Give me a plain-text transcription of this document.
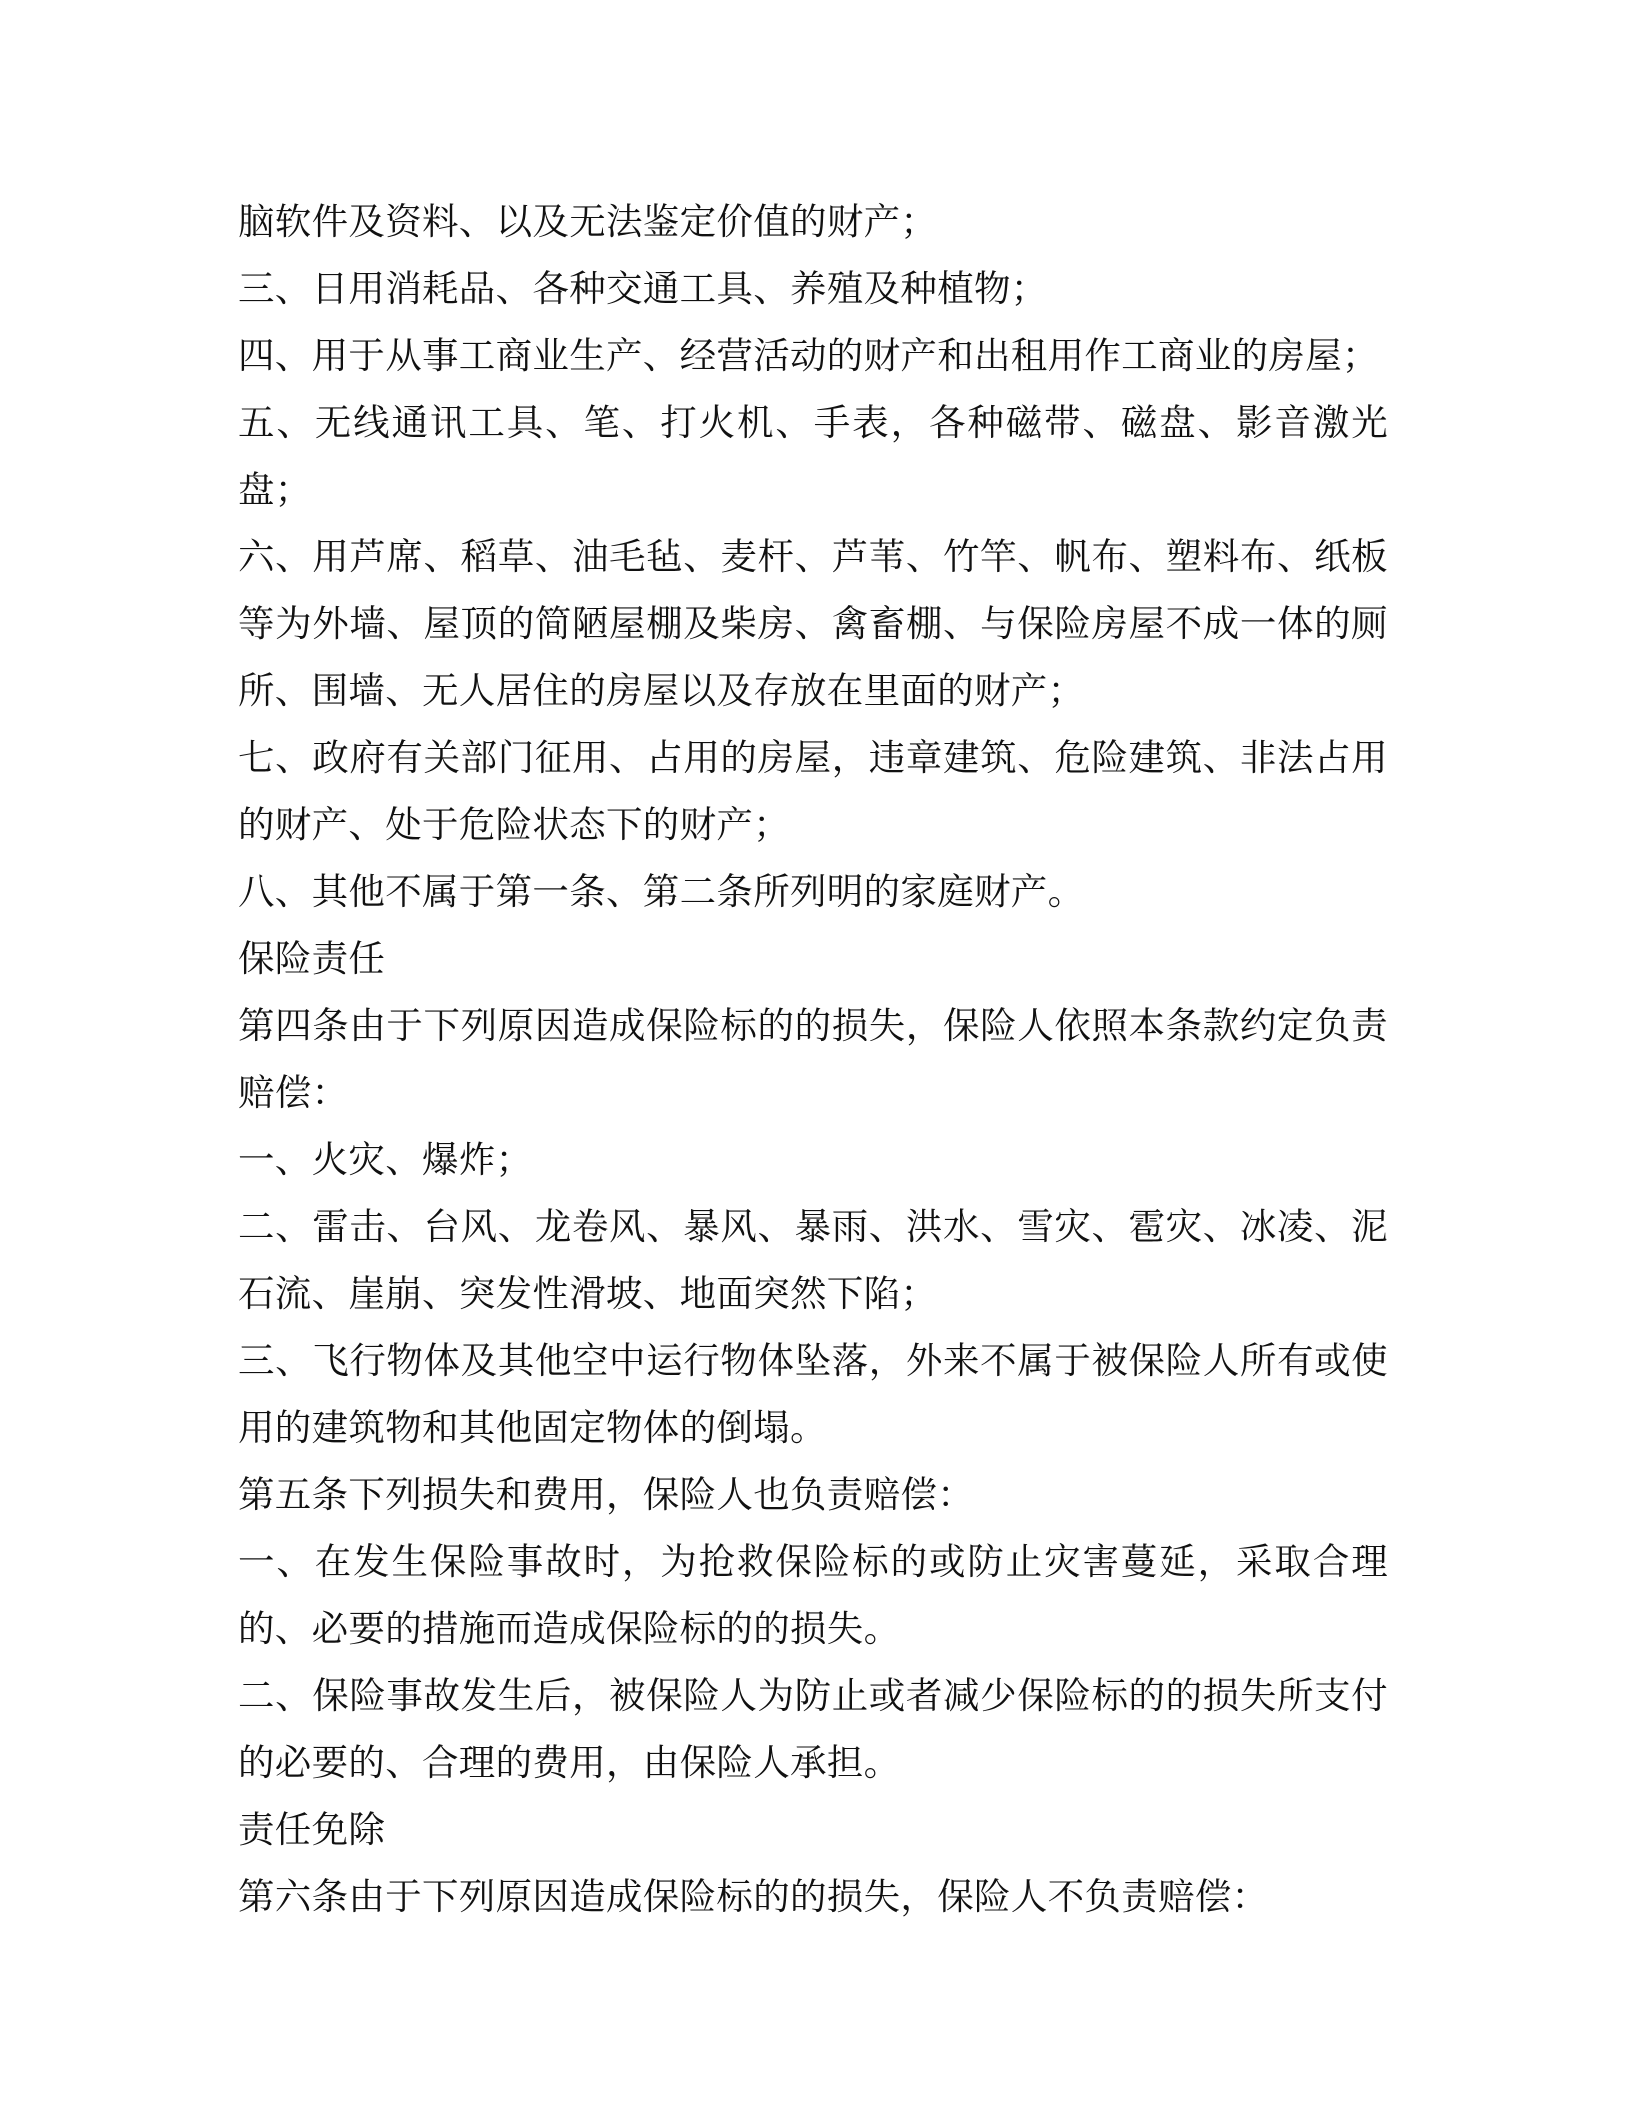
脑软件及资料、以及无法鉴定价值的财产；

三、日用消耗品、各种交通工具、养殖及种植物；

四、用于从事工商业生产、经营活动的财产和出租用作工商业的房屋；

五、无线通讯工具、笔、打火机、手表，各种磁带、磁盘、影音激光盘；

六、用芦席、稻草、油毛毡、麦杆、芦苇、竹竿、帆布、塑料布、纸板等为外墙、屋顶的简陋屋棚及柴房、禽畜棚、与保险房屋不成一体的厕所、围墙、无人居住的房屋以及存放在里面的财产；

七、政府有关部门征用、占用的房屋，违章建筑、危险建筑、非法占用的财产、处于危险状态下的财产；

八、其他不属于第一条、第二条所列明的家庭财产。

保险责任

第四条由于下列原因造成保险标的的损失，保险人依照本条款约定负责赔偿：

一、火灾、爆炸；

二、雷击、台风、龙卷风、暴风、暴雨、洪水、雪灾、雹灾、冰凌、泥石流、崖崩、突发性滑坡、地面突然下陷；

三、飞行物体及其他空中运行物体坠落，外来不属于被保险人所有或使用的建筑物和其他固定物体的倒塌。

第五条下列损失和费用，保险人也负责赔偿：

一、在发生保险事故时，为抢救保险标的或防止灾害蔓延，采取合理的、必要的措施而造成保险标的的损失。

二、保险事故发生后，被保险人为防止或者减少保险标的的损失所支付的必要的、合理的费用，由保险人承担。

责任免除

第六条由于下列原因造成保险标的的损失，保险人不负责赔偿：
